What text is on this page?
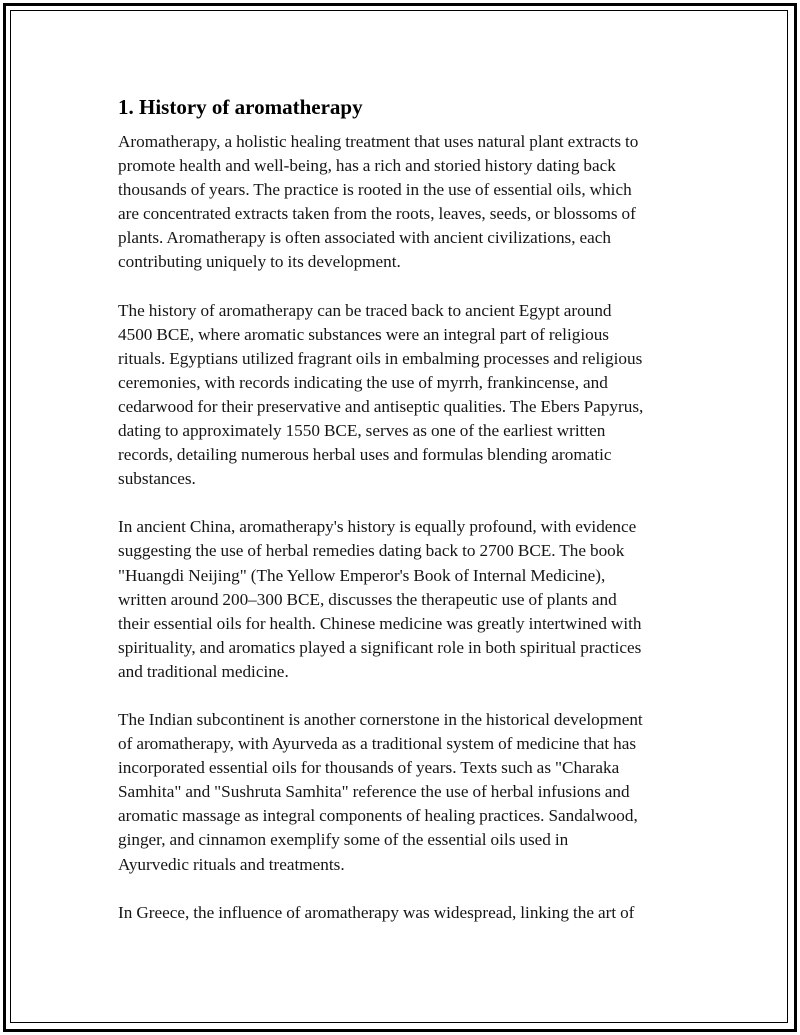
1. History of aromatherapy

Aromatherapy, a holistic healing treatment that uses natural plant extracts to
promote health and well-being, has a rich and storied history dating back
thousands of years. The practice is rooted in the use of essential oils, which
are concentrated extracts taken from the roots, leaves, seeds, or blossoms of
plants. Aromatherapy is often associated with ancient civilizations, each
contributing uniquely to its development.

The history of aromatherapy can be traced back to ancient Egypt around
4500 BCE, where aromatic substances were an integral part of religious
rituals. Egyptians utilized fragrant oils in embalming processes and religious
ceremonies, with records indicating the use of myrrh, frankincense, and
cedarwood for their preservative and antiseptic qualities. The Ebers Papyrus,
dating to approximately 1550 BCE, serves as one of the earliest written
records, detailing numerous herbal uses and formulas blending aromatic
substances.

In ancient China, aromatherapy's history is equally profound, with evidence
suggesting the use of herbal remedies dating back to 2700 BCE. The book
"Huangdi Neijing" (The Yellow Emperor's Book of Internal Medicine),
written around 200–300 BCE, discusses the therapeutic use of plants and
their essential oils for health. Chinese medicine was greatly intertwined with
spirituality, and aromatics played a significant role in both spiritual practices
and traditional medicine.

The Indian subcontinent is another cornerstone in the historical development
of aromatherapy, with Ayurveda as a traditional system of medicine that has
incorporated essential oils for thousands of years. Texts such as "Charaka
Samhita" and "Sushruta Samhita" reference the use of herbal infusions and
aromatic massage as integral components of healing practices. Sandalwood,
ginger, and cinnamon exemplify some of the essential oils used in
Ayurvedic rituals and treatments.

In Greece, the influence of aromatherapy was widespread, linking the art of
